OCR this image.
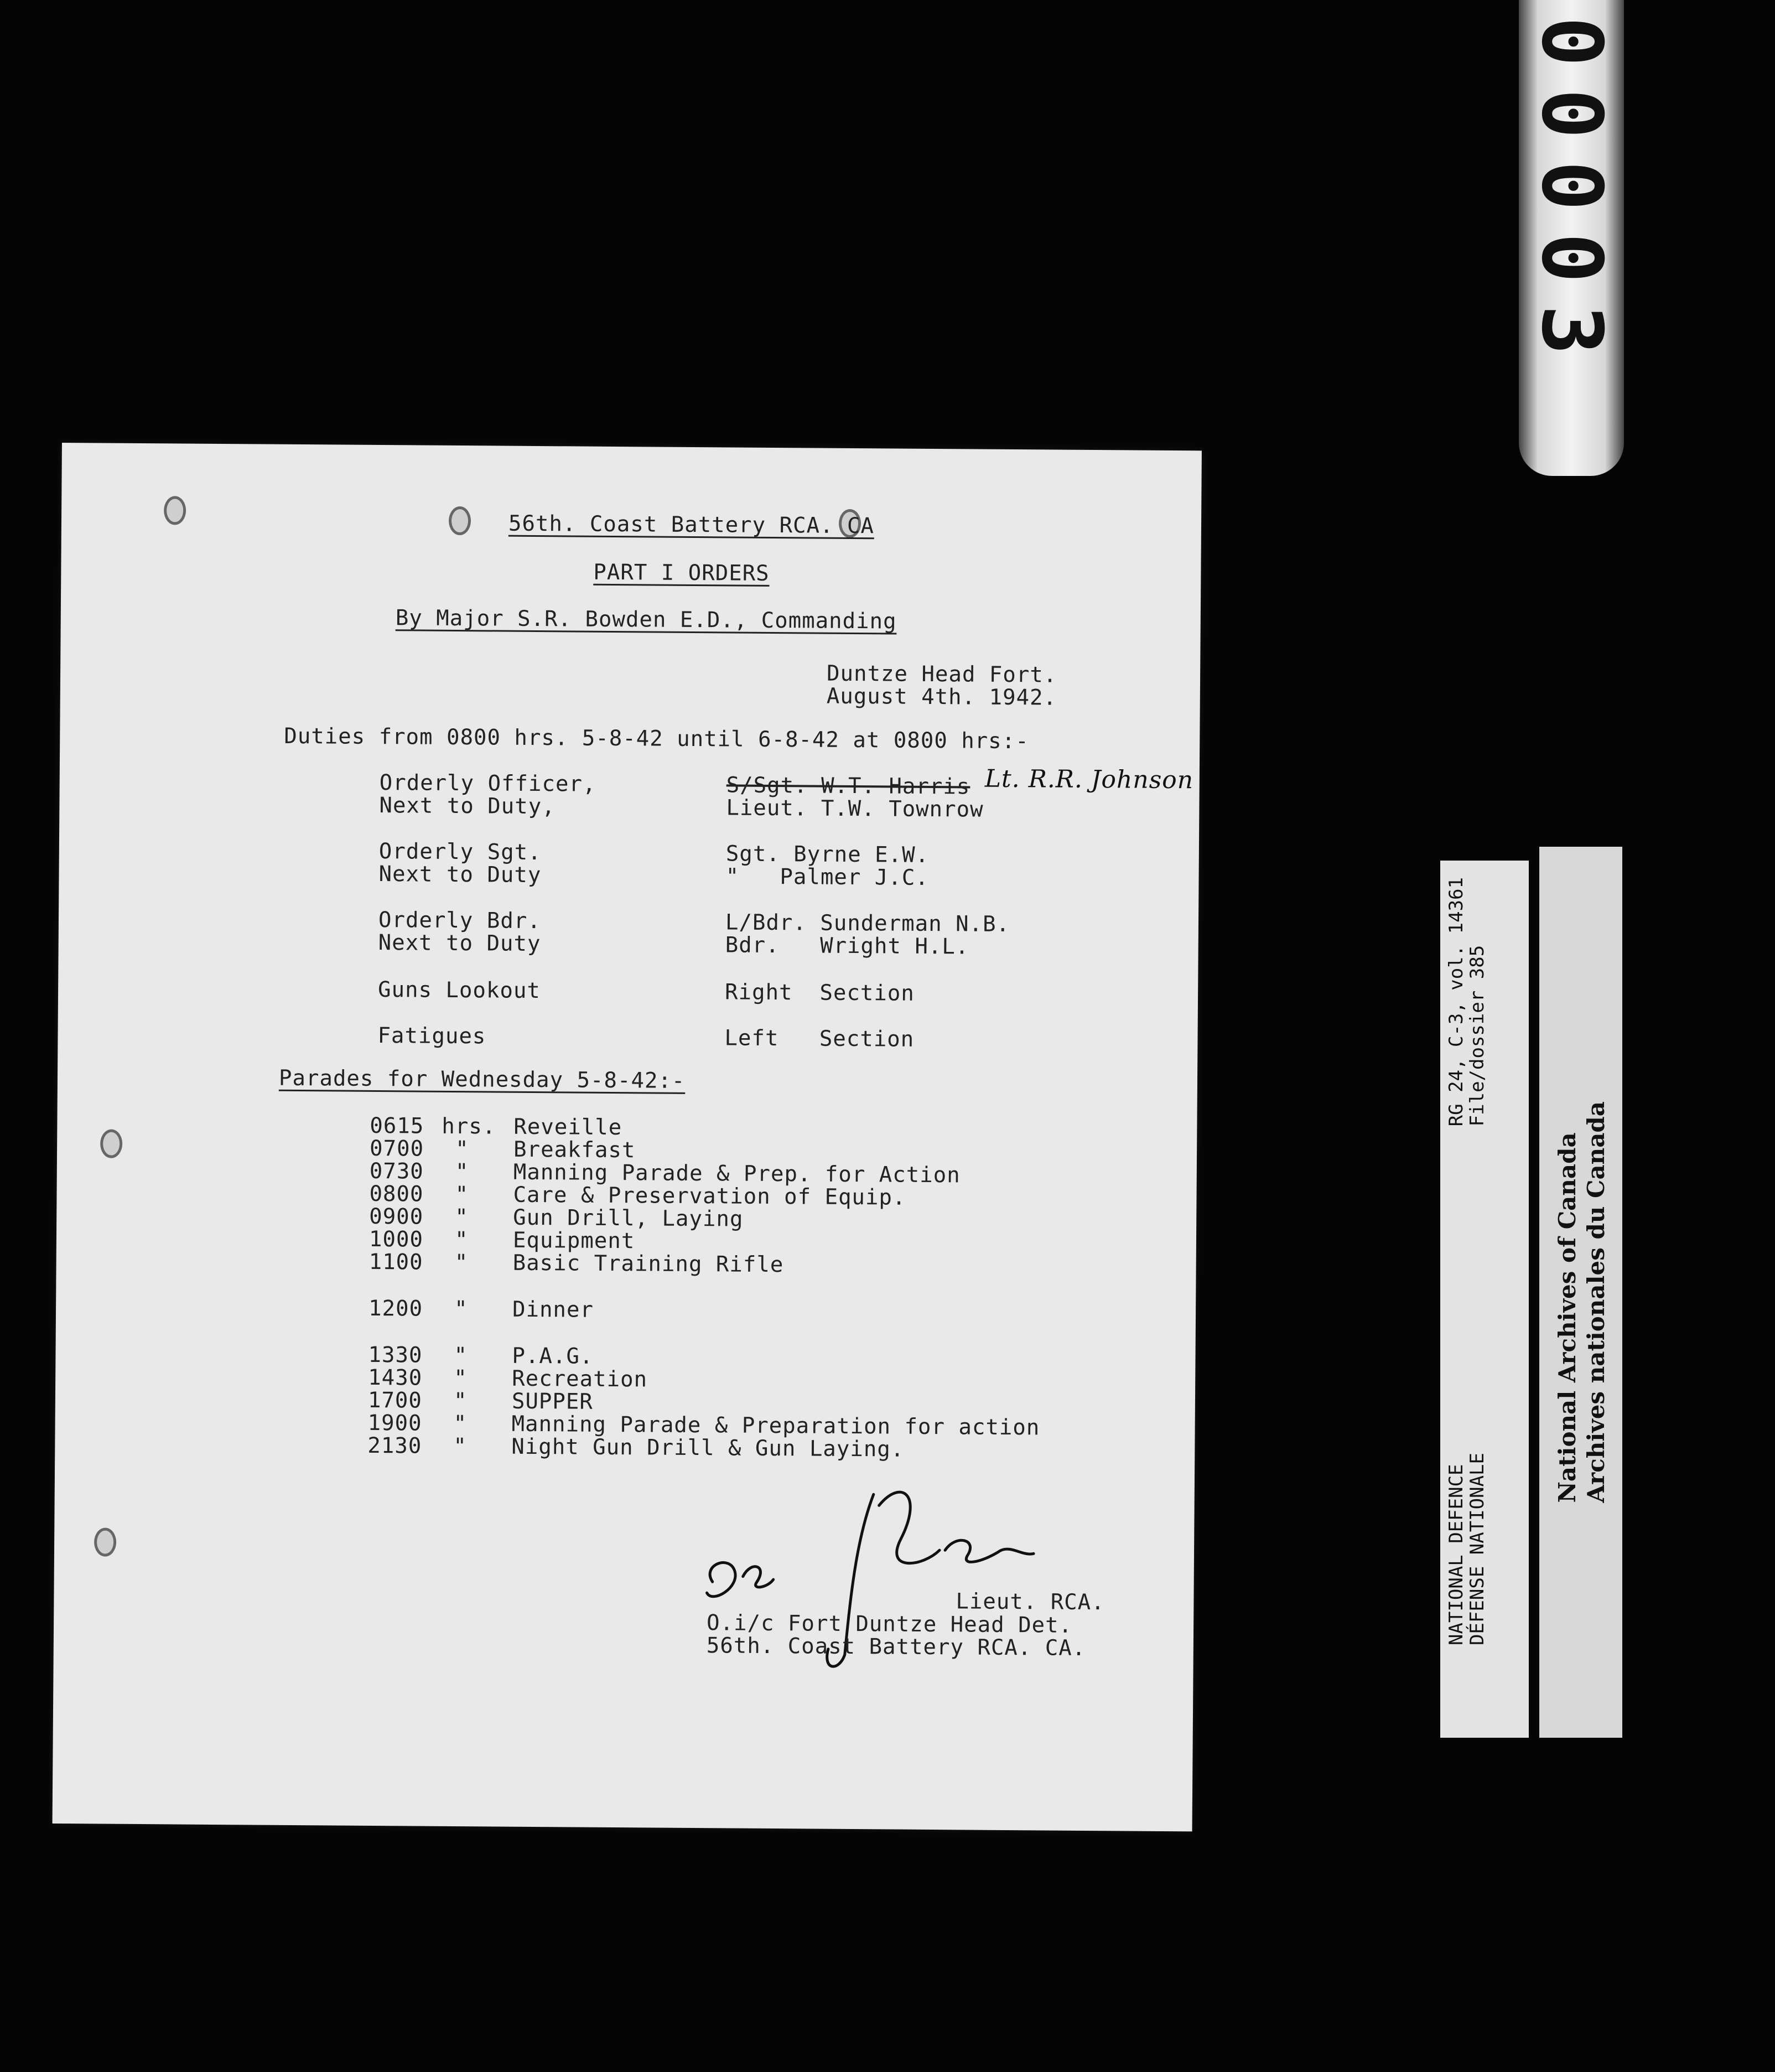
00003
56th. Coast Battery RCA. CA
PART I ORDERS
By Major S.R. Bowden E.D., Commanding
Duntze Head Fort.
August 4th. 1942.
Duties from 0800 hrs. 5-8-42 until 6-8-42 at 0800 hrs:-
Orderly Officer,	S/Sgt. W.T. Harris Lt. R.R. Johnson
Next to Duty,	Lieut. T.W. Townrow
Orderly Sgt.	Sgt. Byrne E.W.
Next to Duty	"   Palmer J.C.
Orderly Bdr.	L/Bdr. Sunderman N.B.
Next to Duty	Bdr.   Wright H.L.
Guns Lookout	Right  Section
Fatigues	Left   Section
Parades for Wednesday 5-8-42:-
0615 hrs. Reveille
0700 " Breakfast
0730 " Manning Parade & Prep. for Action
0800 " Care & Preservation of Equip.
0900 " Gun Drill, Laying
1000 " Equipment
1100 " Basic Training Rifle
1200 " Dinner
1330 " P.A.G.
1430 " Recreation
1700 " SUPPER
1900 " Manning Parade & Preparation for action
2130 " Night Gun Drill & Gun Laying.
Lieut. RCA.
O.i/c Fort Duntze Head Det.
56th. Coast Battery RCA. CA.
RG 24, C-3, vol. 14361
File/dossier 385
NATIONAL DEFENCE
DÉFENSE NATIONALE
National Archives of Canada
Archives nationales du Canada
